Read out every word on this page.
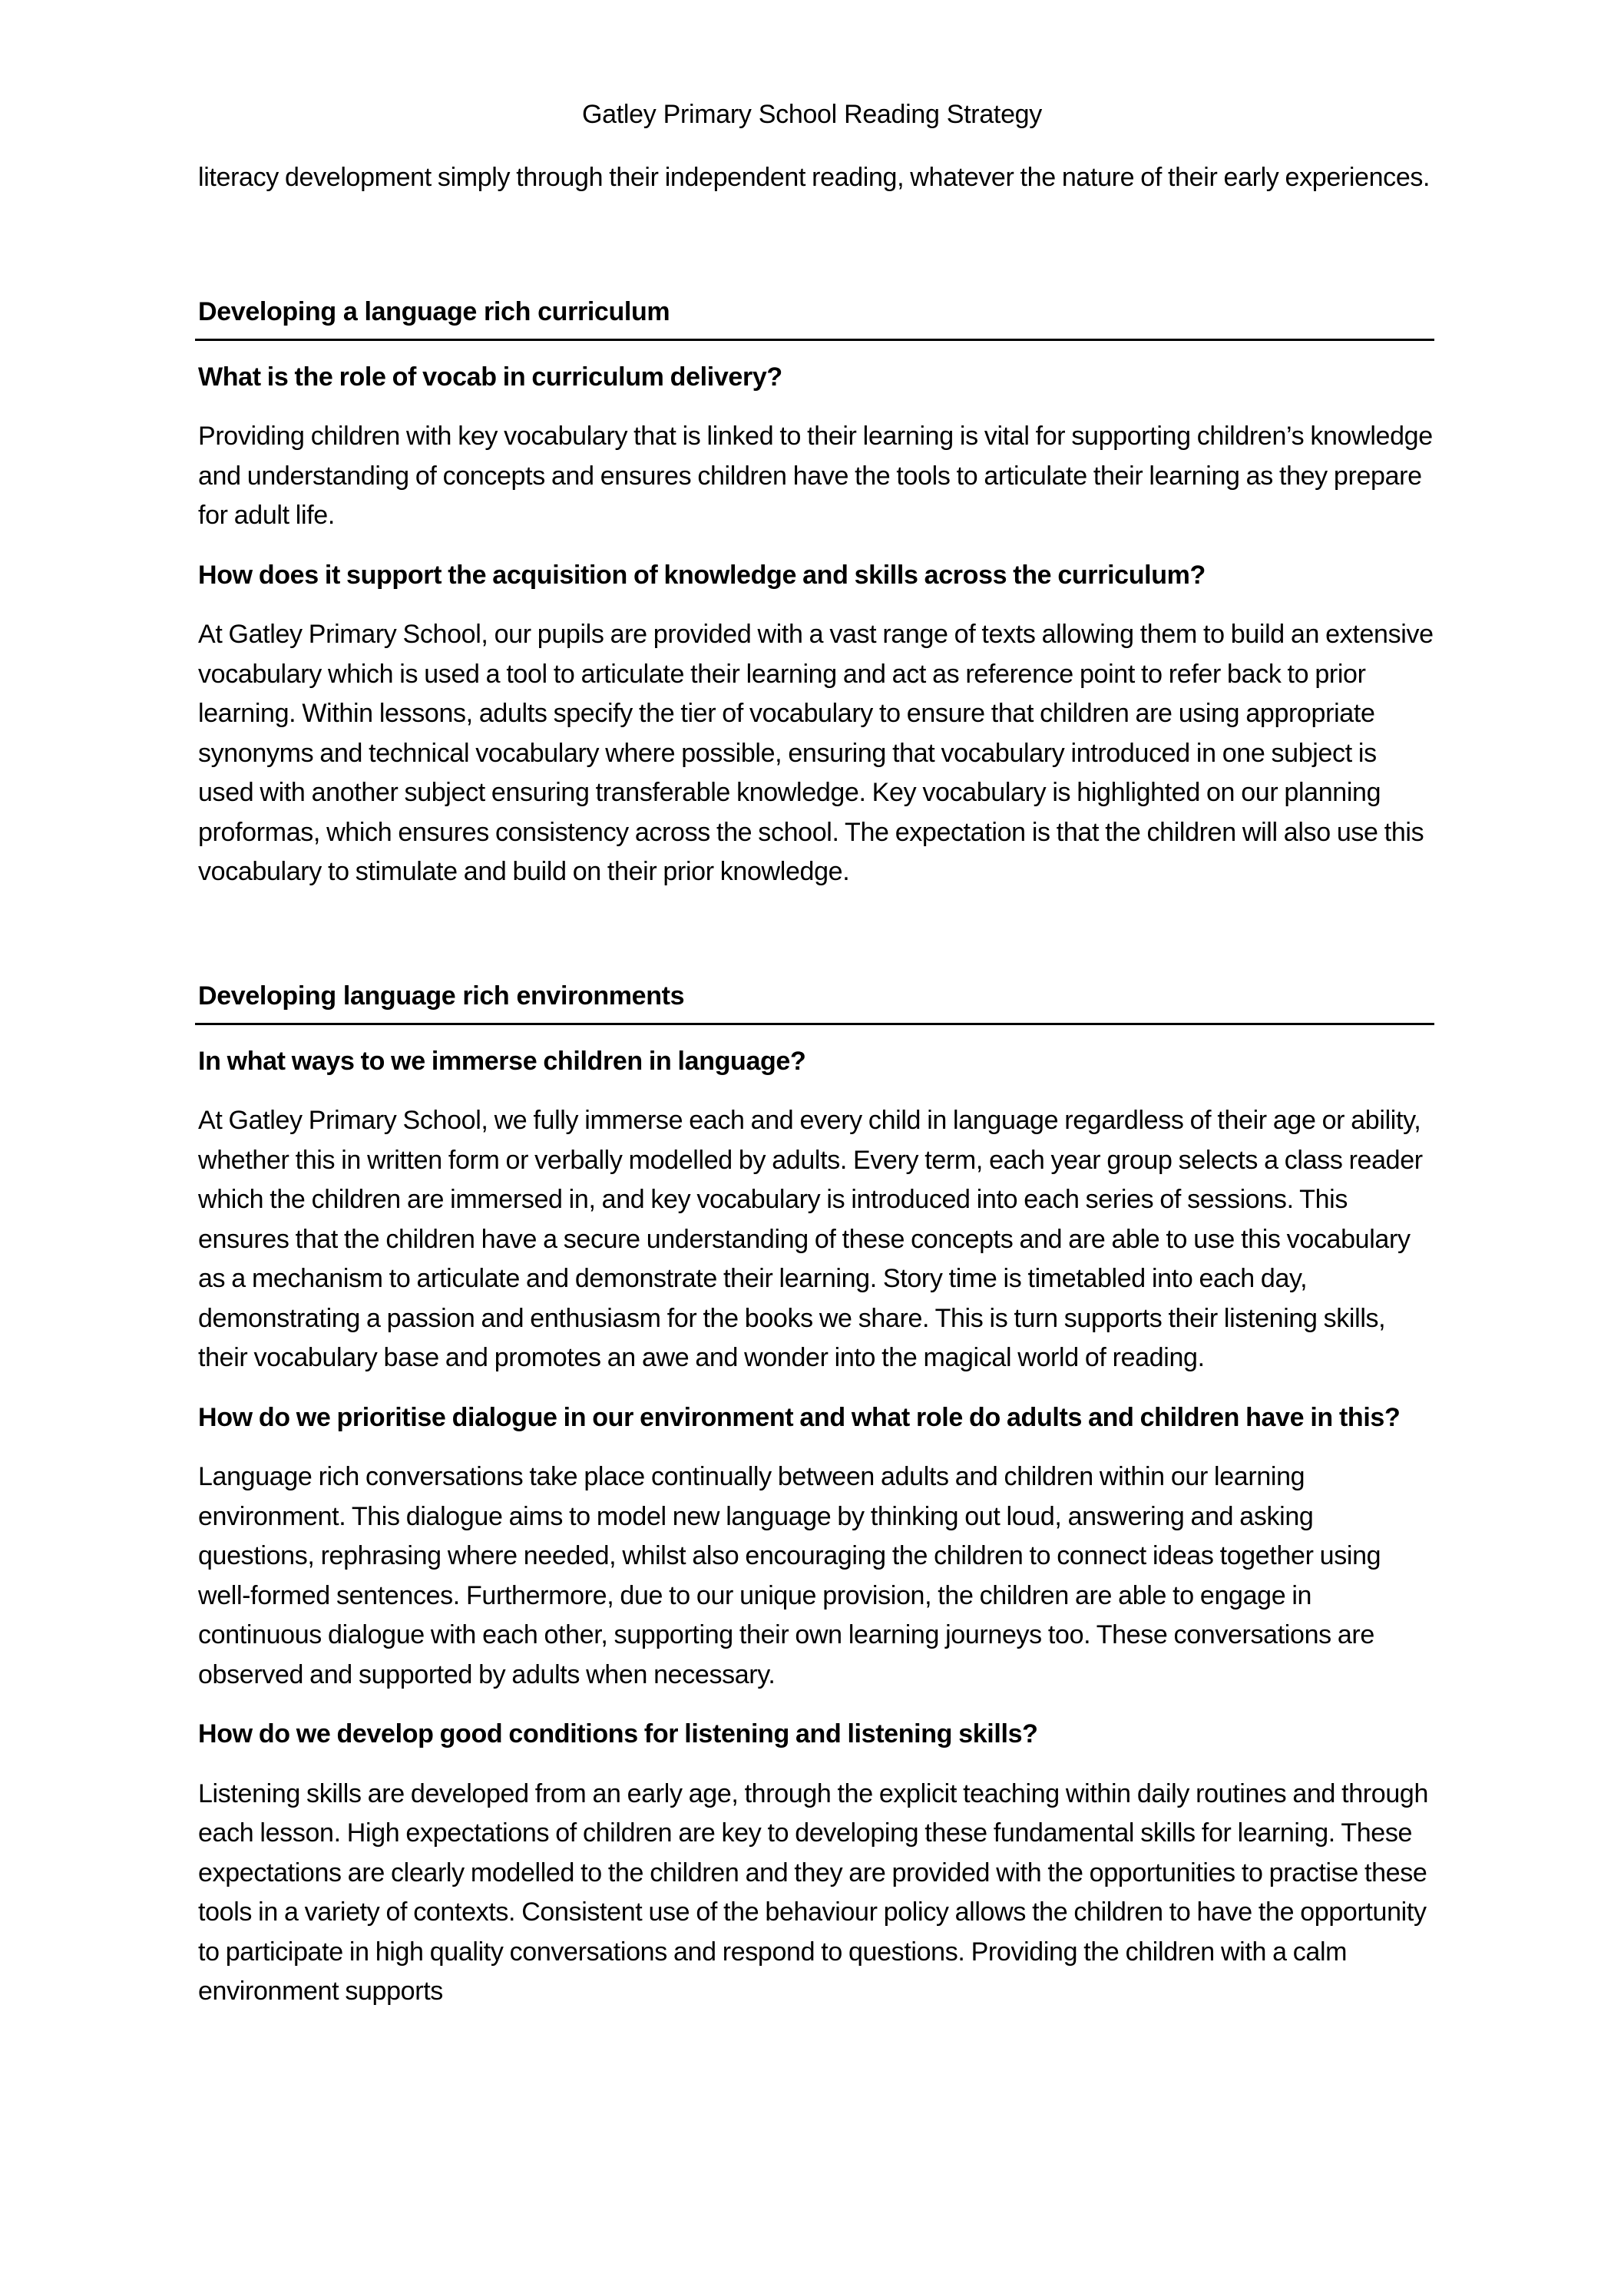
Gatley Primary School Reading Strategy

literacy development simply through their independent reading, whatever the nature of their early experiences.

Developing a language rich curriculum

What is the role of vocab in curriculum delivery?

Providing children with key vocabulary that is linked to their learning is vital for supporting children’s knowledge and understanding of concepts and ensures children have the tools to articulate their learning as they prepare for adult life.

How does it support the acquisition of knowledge and skills across the curriculum?

At Gatley Primary School, our pupils are provided with a vast range of texts allowing them to build an extensive vocabulary which is used a tool to articulate their learning and act as reference point to refer back to prior learning. Within lessons, adults specify the tier of vocabulary to ensure that children are using appropriate synonyms and technical vocabulary where possible, ensuring that vocabulary introduced in one subject is used with another subject ensuring transferable knowledge. Key vocabulary is highlighted on our planning proformas, which ensures consistency across the school. The expectation is that the children will also use this vocabulary to stimulate and build on their prior knowledge.

Developing language rich environments

In what ways to we immerse children in language?

At Gatley Primary School, we fully immerse each and every child in language regardless of their age or ability, whether this in written form or verbally modelled by adults. Every term, each year group selects a class reader which the children are immersed in, and key vocabulary is introduced into each series of sessions. This ensures that the children have a secure understanding of these concepts and are able to use this vocabulary as a mechanism to articulate and demonstrate their learning. Story time is timetabled into each day, demonstrating a passion and enthusiasm for the books we share. This is turn supports their listening skills, their vocabulary base and promotes an awe and wonder into the magical world of reading.

How do we prioritise dialogue in our environment and what role do adults and children have in this?

Language rich conversations take place continually between adults and children within our learning environment. This dialogue aims to model new language by thinking out loud, answering and asking questions, rephrasing where needed, whilst also encouraging the children to connect ideas together using well-formed sentences. Furthermore, due to our unique provision, the children are able to engage in continuous dialogue with each other, supporting their own learning journeys too. These conversations are observed and supported by adults when necessary.

How do we develop good conditions for listening and listening skills?

Listening skills are developed from an early age, through the explicit teaching within daily routines and through each lesson. High expectations of children are key to developing these fundamental skills for learning. These expectations are clearly modelled to the children and they are provided with the opportunities to practise these tools in a variety of contexts. Consistent use of the behaviour policy allows the children to have the opportunity to participate in high quality conversations and respond to questions. Providing the children with a calm environment supports
